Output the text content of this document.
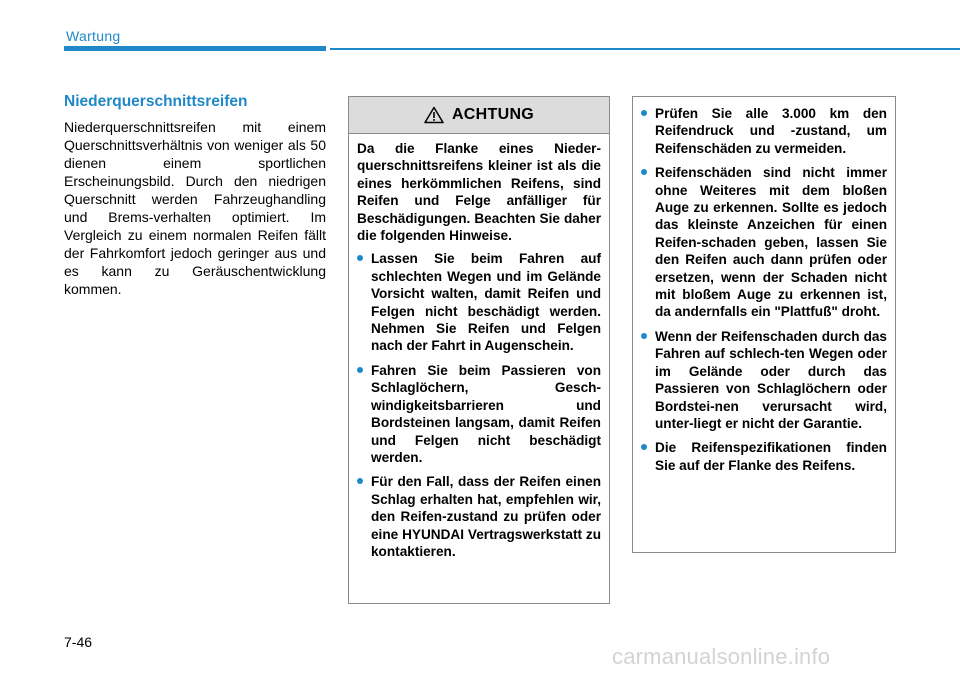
Wartung
Niederquerschnittsreifen

Niederquerschnittsreifen mit einem Querschnittsverhältnis von weniger als 50 dienen einem sportlichen Erscheinungsbild. Durch den niedrigen Querschnitt werden Fahrzeughandling und Brems-verhalten optimiert. Im Vergleich zu einem normalen Reifen fällt der Fahrkomfort jedoch geringer aus und es kann zu Geräuschentwicklung kommen.

ACHTUNG

Da die Flanke eines Nieder-querschnittsreifens kleiner ist als die eines herkömmlichen Reifens, sind Reifen und Felge anfälliger für Beschädigungen. Beachten Sie daher die folgenden Hinweise.

Lassen Sie beim Fahren auf schlechten Wegen und im Gelände Vorsicht walten, damit Reifen und Felgen nicht beschädigt werden. Nehmen Sie Reifen und Felgen nach der Fahrt in Augenschein.
Fahren Sie beim Passieren von Schlaglöchern, Gesch-windigkeitsbarrieren und Bordsteinen langsam, damit Reifen und Felgen nicht beschädigt werden.
Für den Fall, dass der Reifen einen Schlag erhalten hat, empfehlen wir, den Reifen-zustand zu prüfen oder eine HYUNDAI Vertragswerkstatt zu kontaktieren.
Prüfen Sie alle 3.000 km den Reifendruck und -zustand, um Reifenschäden zu vermeiden.
Reifenschäden sind nicht immer ohne Weiteres mit dem bloßen Auge zu erkennen. Sollte es jedoch das kleinste Anzeichen für einen Reifen-schaden geben, lassen Sie den Reifen auch dann prüfen oder ersetzen, wenn der Schaden nicht mit bloßem Auge zu erkennen ist, da andernfalls ein "Plattfuß" droht.
Wenn der Reifenschaden durch das Fahren auf schlech-ten Wegen oder im Gelände oder durch das Passieren von Schlaglöchern oder Bordstei-nen verursacht wird, unter-liegt er nicht der Garantie.
Die Reifenspezifikationen finden Sie auf der Flanke des Reifens.
7-46
carmanualsonline.info
